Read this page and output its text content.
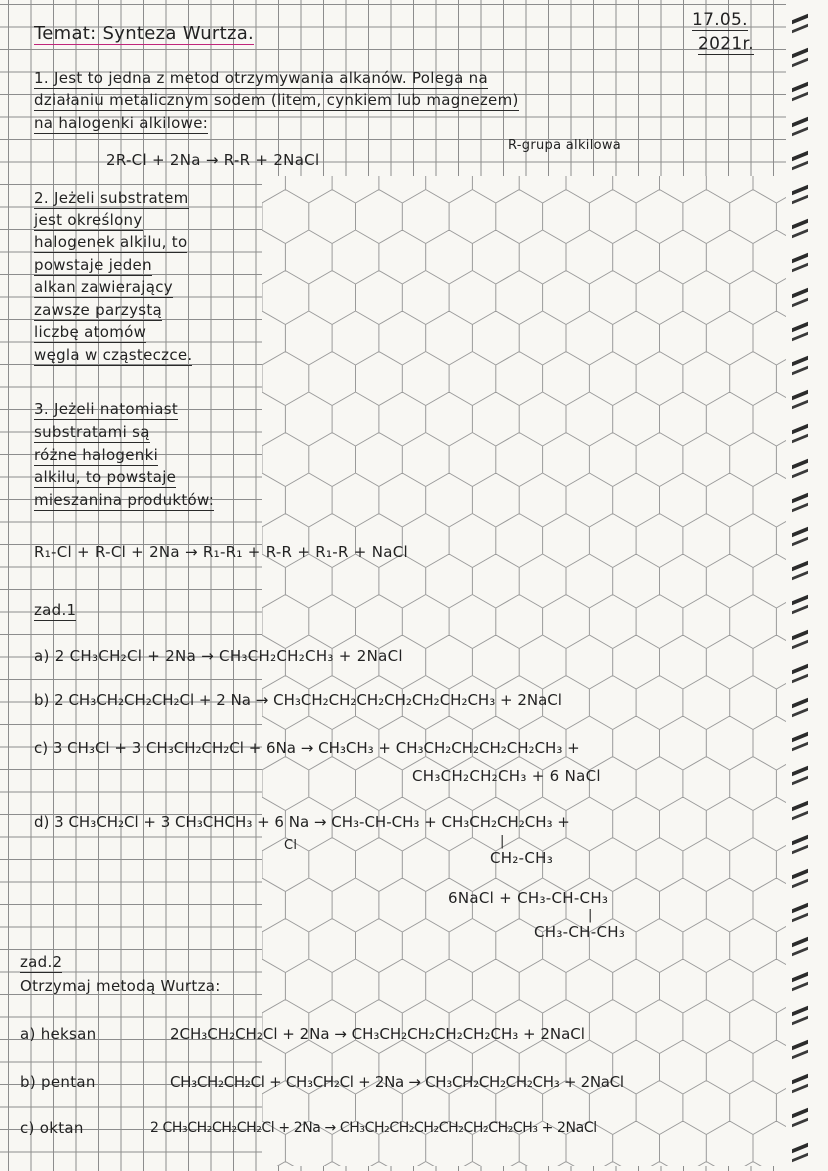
Temat: Synteza Wurtza.
17.05.
2021r.
1. Jest to jedna z metod otrzymywania alkanów. Polega na
działaniu metalicznym sodem (litem, cynkiem lub magnezem)
na halogenki alkilowe:
2R-Cl + 2Na → R-R + 2NaCl
R-grupa alkilowa
2. Jeżeli substratem
jest określony
halogenek alkilu, to
powstaje jeden
alkan zawierający
zawsze parzystą
liczbę atomów
węgla w cząsteczce.
3. Jeżeli natomiast
substratami są
różne halogenki
alkilu, to powstaje
mieszanina produktów:
R₁-Cl + R-Cl + 2Na → R₁-R₁ + R-R + R₁-R + NaCl
zad.1
a) 2 CH₃CH₂Cl + 2Na → CH₃CH₂CH₂CH₃ + 2NaCl
b) 2 CH₃CH₂CH₂CH₂Cl + 2 Na → CH₃CH₂CH₂CH₂CH₂CH₂CH₂CH₃ + 2NaCl
c) 3 CH₃Cl + 3 CH₃CH₂CH₂Cl + 6Na → CH₃CH₃ + CH₃CH₂CH₂CH₂CH₂CH₃ +
CH₃CH₂CH₂CH₃ + 6 NaCl
d) 3 CH₃CH₂Cl + 3 CH₃CHCH₃ + 6 Na → CH₃-CH-CH₃ + CH₃CH₂CH₂CH₃ +
Cl	|
CH₂-CH₃
6NaCl + CH₃-CH-CH₃
|
CH₃-CH-CH₃
zad.2
Otrzymaj metodą Wurtza:
a) heksan	2CH₃CH₂CH₂Cl + 2Na → CH₃CH₂CH₂CH₂CH₂CH₃ + 2NaCl
b) pentan	CH₃CH₂CH₂Cl + CH₃CH₂Cl + 2Na → CH₃CH₂CH₂CH₂CH₃ + 2NaCl
c) oktan	2 CH₃CH₂CH₂CH₂Cl + 2Na → CH₃CH₂CH₂CH₂CH₂CH₂CH₂CH₃ + 2NaCl
